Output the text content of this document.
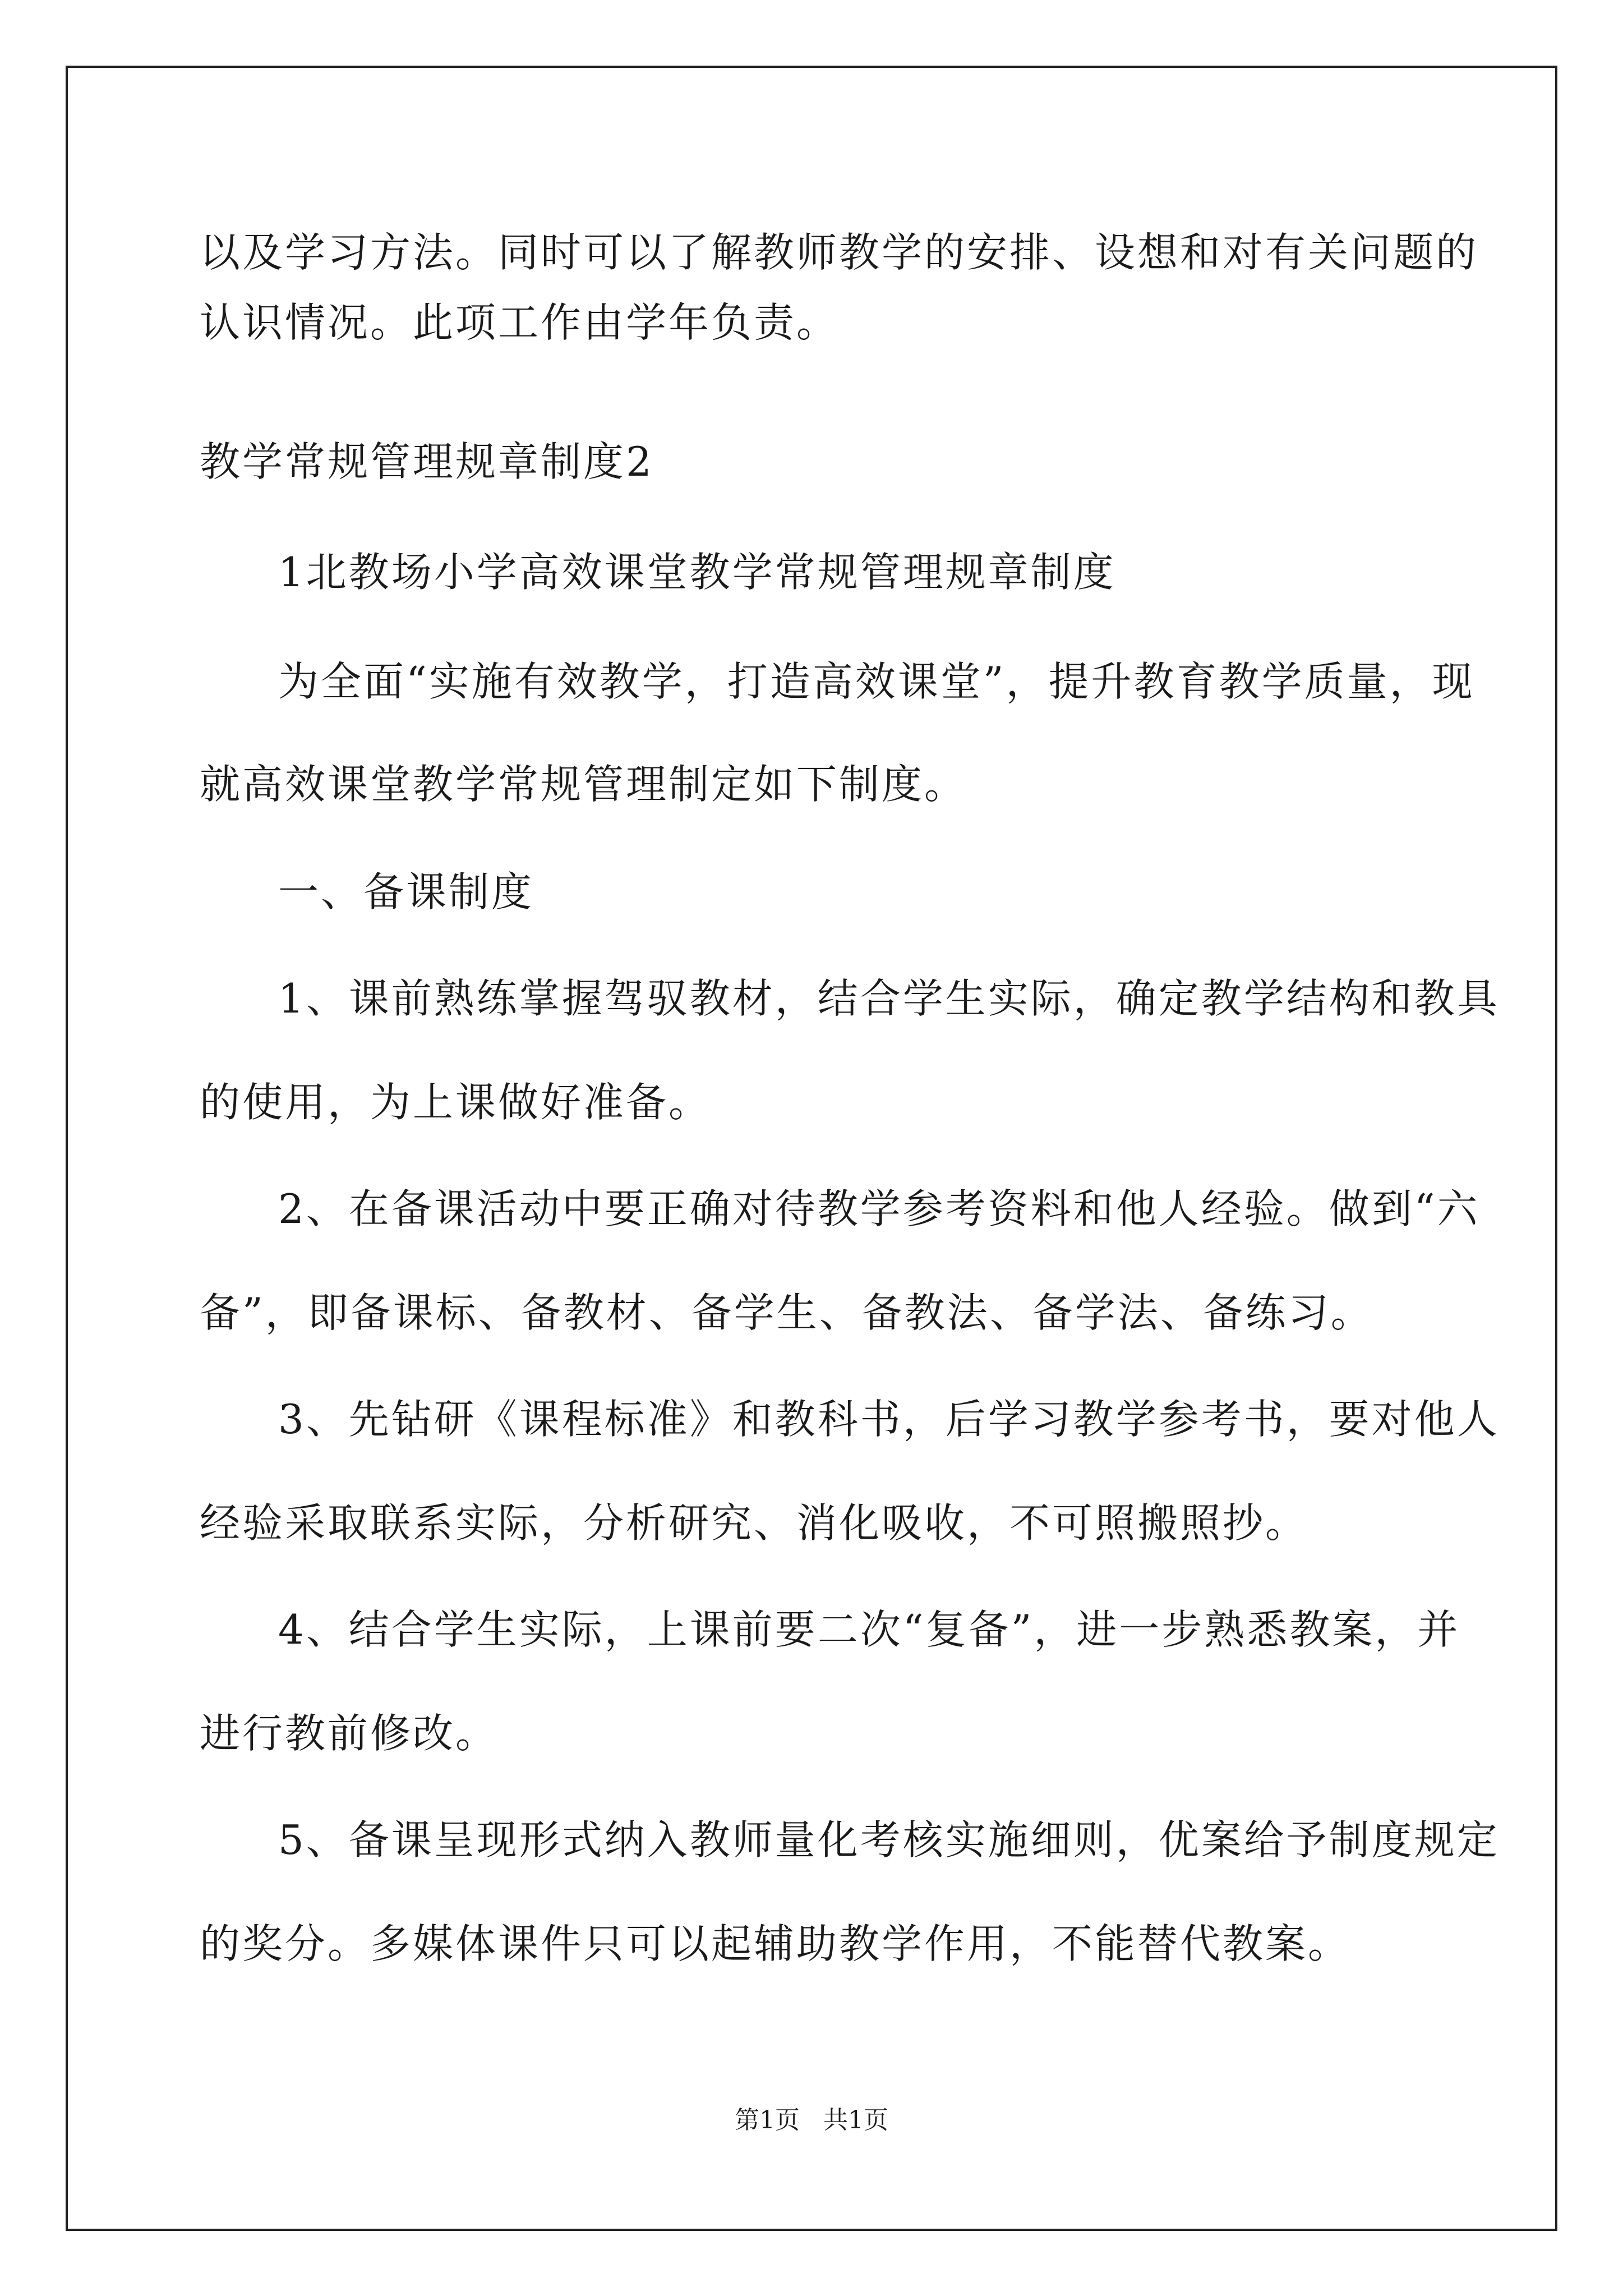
以及学习方法。同时可以了解教师教学的安排、设想和对有关问题的
认识情况。此项工作由学年负责。
教学常规管理规章制度2
1北教场小学高效课堂教学常规管理规章制度
为全面“实施有效教学，打造高效课堂”，提升教育教学质量，现
就高效课堂教学常规管理制定如下制度。
一、备课制度
1、课前熟练掌握驾驭教材，结合学生实际，确定教学结构和教具
的使用，为上课做好准备。
2、在备课活动中要正确对待教学参考资料和他人经验。做到“六
备”，即备课标、备教材、备学生、备教法、备学法、备练习。
3、先钻研《课程标准》和教科书，后学习教学参考书，要对他人
经验采取联系实际，分析研究、消化吸收，不可照搬照抄。
4、结合学生实际，上课前要二次“复备”，进一步熟悉教案，并
进行教前修改。
5、备课呈现形式纳入教师量化考核实施细则，优案给予制度规定
的奖分。多媒体课件只可以起辅助教学作用，不能替代教案。
第1页   共1页
